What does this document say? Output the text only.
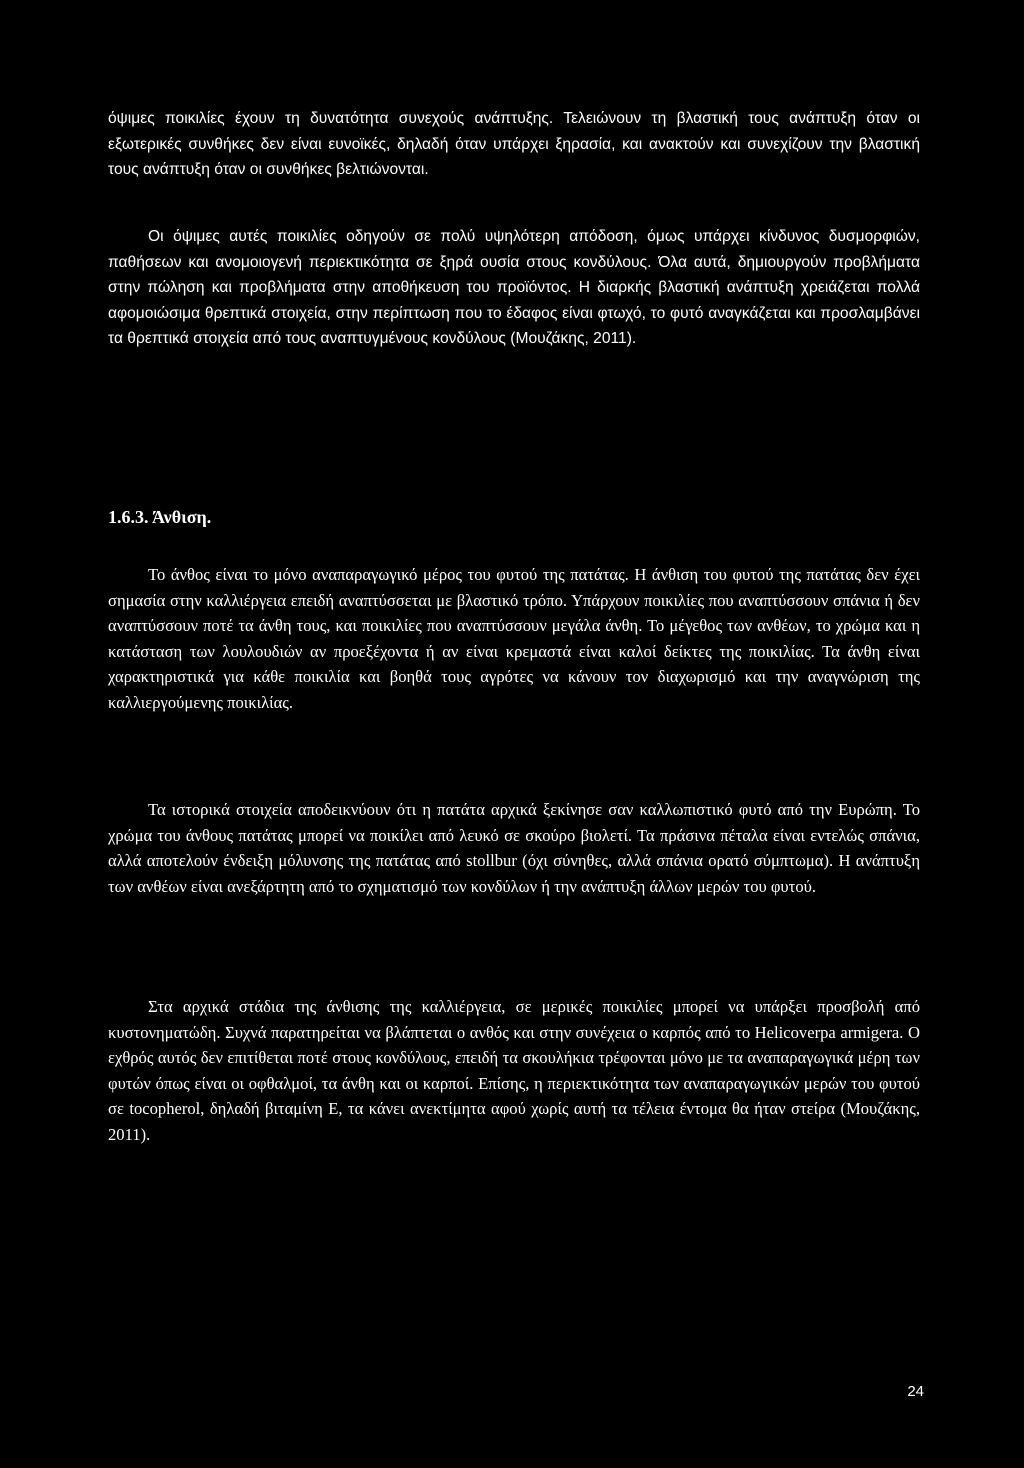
όψιμες ποικιλίες έχουν τη δυνατότητα συνεχούς ανάπτυξης. Τελειώνουν τη βλαστική τους ανάπτυξη όταν οι εξωτερικές συνθήκες δεν είναι ευνοϊκές, δηλαδή όταν υπάρχει ξηρασία, και ανακτούν και συνεχίζουν την βλαστική τους ανάπτυξη όταν οι συνθήκες βελτιώνονται.

Οι όψιμες αυτές ποικιλίες οδηγούν σε πολύ υψηλότερη απόδοση, όμως υπάρχει κίνδυνος δυσμορφιών, παθήσεων και ανομοιογενή περιεκτικότητα σε ξηρά ουσία στους κονδύλους. Όλα αυτά, δημιουργούν προβλήματα στην πώληση και προβλήματα στην αποθήκευση του προϊόντος. Η διαρκής βλαστική ανάπτυξη χρειάζεται πολλά αφομοιώσιμα θρεπτικά στοιχεία, στην περίπτωση που το έδαφος είναι φτωχό, το φυτό αναγκάζεται και προσλαμβάνει τα θρεπτικά στοιχεία από τους αναπτυγμένους κονδύλους (Μουζάκης, 2011).

1.6.3. Άνθιση.

Το άνθος είναι το μόνο αναπαραγωγικό μέρος του φυτού της πατάτας. Η άνθιση του φυτού της πατάτας δεν έχει σημασία στην καλλιέργεια επειδή αναπτύσσεται με βλαστικό τρόπο. Υπάρχουν ποικιλίες που αναπτύσσουν σπάνια ή δεν αναπτύσσουν ποτέ τα άνθη τους, και ποικιλίες που αναπτύσσουν μεγάλα άνθη. Το μέγεθος των ανθέων, το χρώμα και η κατάσταση των λουλουδιών αν προεξέχοντα ή αν είναι κρεμαστά είναι καλοί δείκτες της ποικιλίας. Τα άνθη είναι χαρακτηριστικά για κάθε ποικιλία και βοηθά τους αγρότες να κάνουν τον διαχωρισμό και την αναγνώριση της καλλιεργούμενης ποικιλίας.

Τα ιστορικά στοιχεία αποδεικνύουν ότι η πατάτα αρχικά ξεκίνησε σαν καλλωπιστικό φυτό από την Ευρώπη. Το χρώμα του άνθους πατάτας μπορεί να ποικίλει από λευκό σε σκούρο βιολετί. Τα πράσινα πέταλα είναι εντελώς σπάνια, αλλά αποτελούν ένδειξη μόλυνσης της πατάτας από stollbur (όχι σύνηθες, αλλά σπάνια ορατό σύμπτωμα). Η ανάπτυξη των ανθέων είναι ανεξάρτητη από το σχηματισμό των κονδύλων ή την ανάπτυξη άλλων μερών του φυτού.

Στα αρχικά στάδια της άνθισης της καλλιέργεια, σε μερικές ποικιλίες μπορεί να υπάρξει προσβολή από κυστονηματώδη. Συχνά παρατηρείται να βλάπτεται ο ανθός και στην συνέχεια ο καρπός από το Helicoverpa armigera. Ο εχθρός αυτός δεν επιτίθεται ποτέ στους κονδύλους, επειδή τα σκουλήκια τρέφονται μόνο με τα αναπαραγωγικά μέρη των φυτών όπως είναι οι οφθαλμοί, τα άνθη και οι καρποί. Επίσης, η περιεκτικότητα των αναπαραγωγικών μερών του φυτού σε tocopherol, δηλαδή βιταμίνη Ε, τα κάνει ανεκτίμητα αφού χωρίς αυτή τα τέλεια έντομα θα ήταν στείρα (Μουζάκης, 2011).

24
